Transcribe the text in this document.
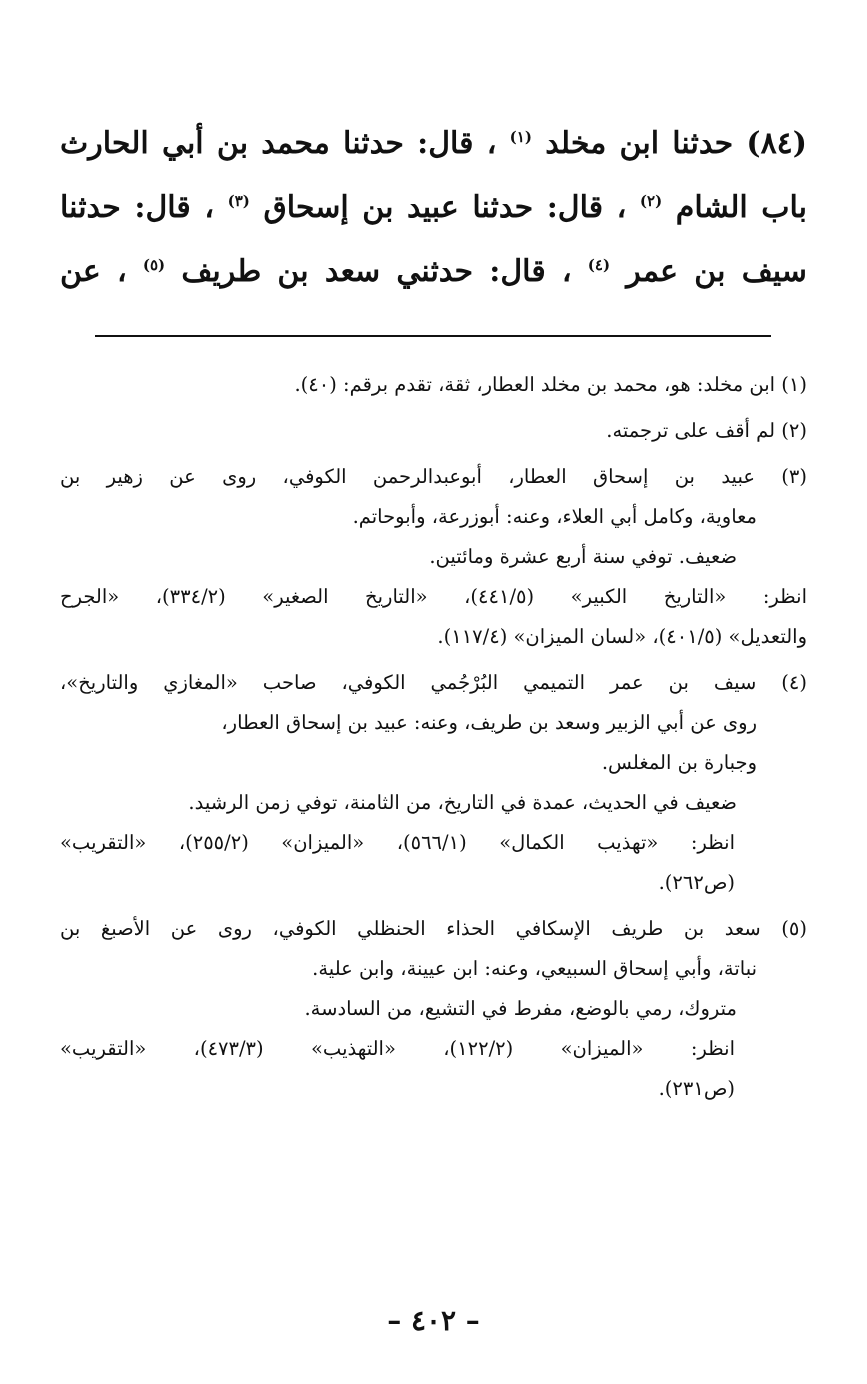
(٨٤) حدثنا ابن مخلد $^{(١)}$ ، قال: حدثنا محمد بن أبي الحارث
باب الشام $^{(٢)}$ ، قال: حدثنا عبيد بن إسحاق $^{(٣)}$ ، قال: حدثنا
سيف بن عمر $^{(٤)}$ ، قال: حدثني سعد بن طريف $^{(٥)}$ ، عن
(١) ابن مخلد: هو، محمد بن مخلد العطار، ثقة، تقدم برقم: (٤٠).
(٢) لم أقف على ترجمته.
(٣) عبيد بن إسحاق العطار، أبوعبدالرحمن الكوفي، روى عن زهير بن
معاوية، وكامل أبي العلاء، وعنه: أبوزرعة، وأبوحاتم.
ضعيف. توفي سنة أربع عشرة ومائتين.
انظر: «التاريخ الكبير» (٤٤١/٥)، «التاريخ الصغير» (٣٣٤/٢)، «الجرح
والتعديل» (٤٠١/٥)، «لسان الميزان» (١١٧/٤).
(٤) سيف بن عمر التميمي البُرْجُمي الكوفي، صاحب «المغازي والتاريخ»،
روى عن أبي الزبير وسعد بن طريف، وعنه: عبيد بن إسحاق العطار،
وجبارة بن المغلس.
ضعيف في الحديث، عمدة في التاريخ، من الثامنة، توفي زمن الرشيد.
انظر: «تهذيب الكمال» (٥٦٦/١)، «الميزان» (٢٥٥/٢)، «التقريب»
(ص٢٦٢).
(٥) سعد بن طريف الإسكافي الحذاء الحنظلي الكوفي، روى عن الأصبغ بن
نباتة، وأبي إسحاق السبيعي، وعنه: ابن عيينة، وابن علية.
متروك، رمي بالوضع، مفرط في التشيع، من السادسة.
انظر: «الميزان» (١٢٢/٢)، «التهذيب» (٤٧٣/٣)، «التقريب»
(ص٢٣١).
– ٤٠٢ –
